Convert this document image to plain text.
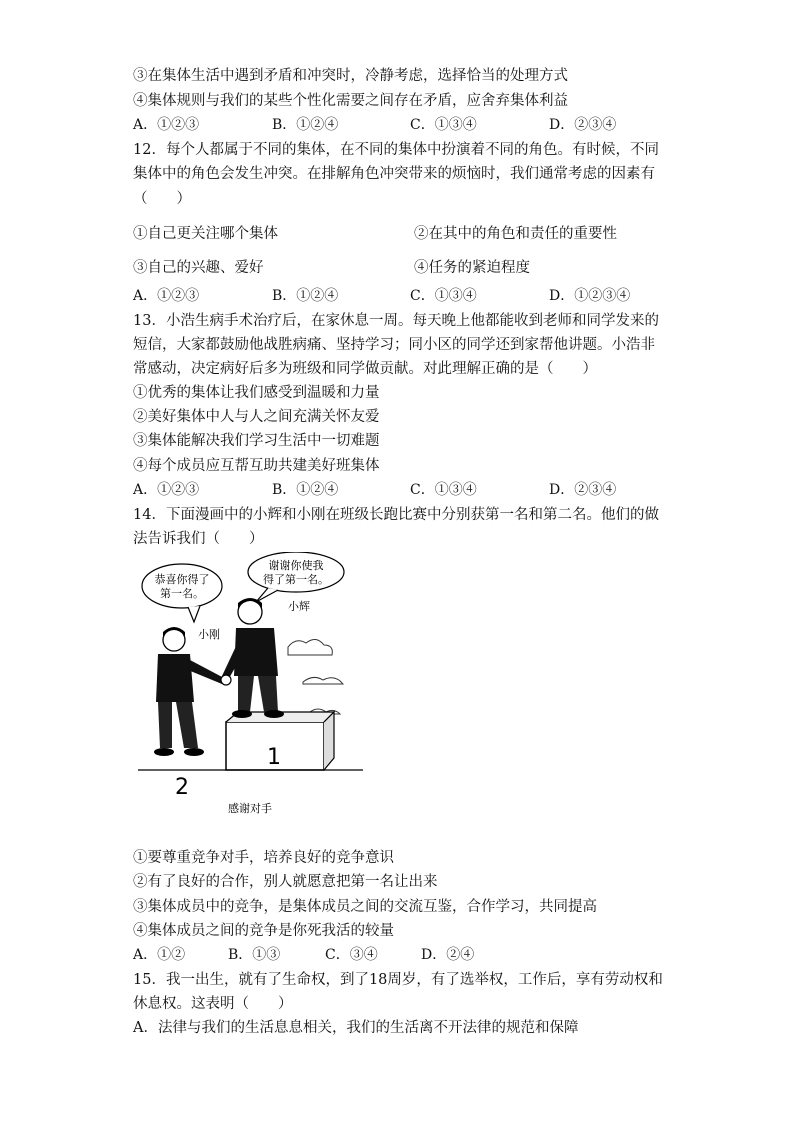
③在集体生活中遇到矛盾和冲突时，冷静考虑，选择恰当的处理方式
④集体规则与我们的某些个性化需要之间存在矛盾，应舍弃集体利益
A．①②③	B．①②④	C．①③④	D．②③④
12．每个人都属于不同的集体，在不同的集体中扮演着不同的角色。有时候，不同
集体中的角色会发生冲突。在排解角色冲突带来的烦恼时，我们通常考虑的因素有
（　　）
①自己更关注哪个集体	②在其中的角色和责任的重要性
③自己的兴趣、爱好	④任务的紧迫程度
A．①②③	B．①②④	C．①③④	D．①②③④
13．小浩生病手术治疗后，在家休息一周。每天晚上他都能收到老师和同学发来的
短信，大家都鼓励他战胜病痛、坚持学习；同小区的同学还到家帮他讲题。小浩非
常感动，决定病好后多为班级和同学做贡献。对此理解正确的是（　　）
①优秀的集体让我们感受到温暖和力量
②美好集体中人与人之间充满关怀友爱
③集体能解决我们学习生活中一切难题
④每个成员应互帮互助共建美好班集体
A．①②③	B．①②④	C．①③④	D．②③④
14．下面漫画中的小辉和小刚在班级长跑比赛中分别获第一名和第二名。他们的做
法告诉我们（　　）
恭喜你得了
第一名。
谢谢你使我
得了第一名。
小刚
小辉
1
2
感谢对手
①要尊重竞争对手，培养良好的竞争意识
②有了良好的合作，别人就愿意把第一名让出来
③集体成员中的竞争，是集体成员之间的交流互鉴，合作学习，共同提高
④集体成员之间的竞争是你死我活的较量
A．①②	B．①③	C．③④	D．②④
15．我一出生，就有了生命权，到了18周岁，有了选举权，工作后，享有劳动权和
休息权。这表明（　　）
A．法律与我们的生活息息相关，我们的生活离不开法律的规范和保障
